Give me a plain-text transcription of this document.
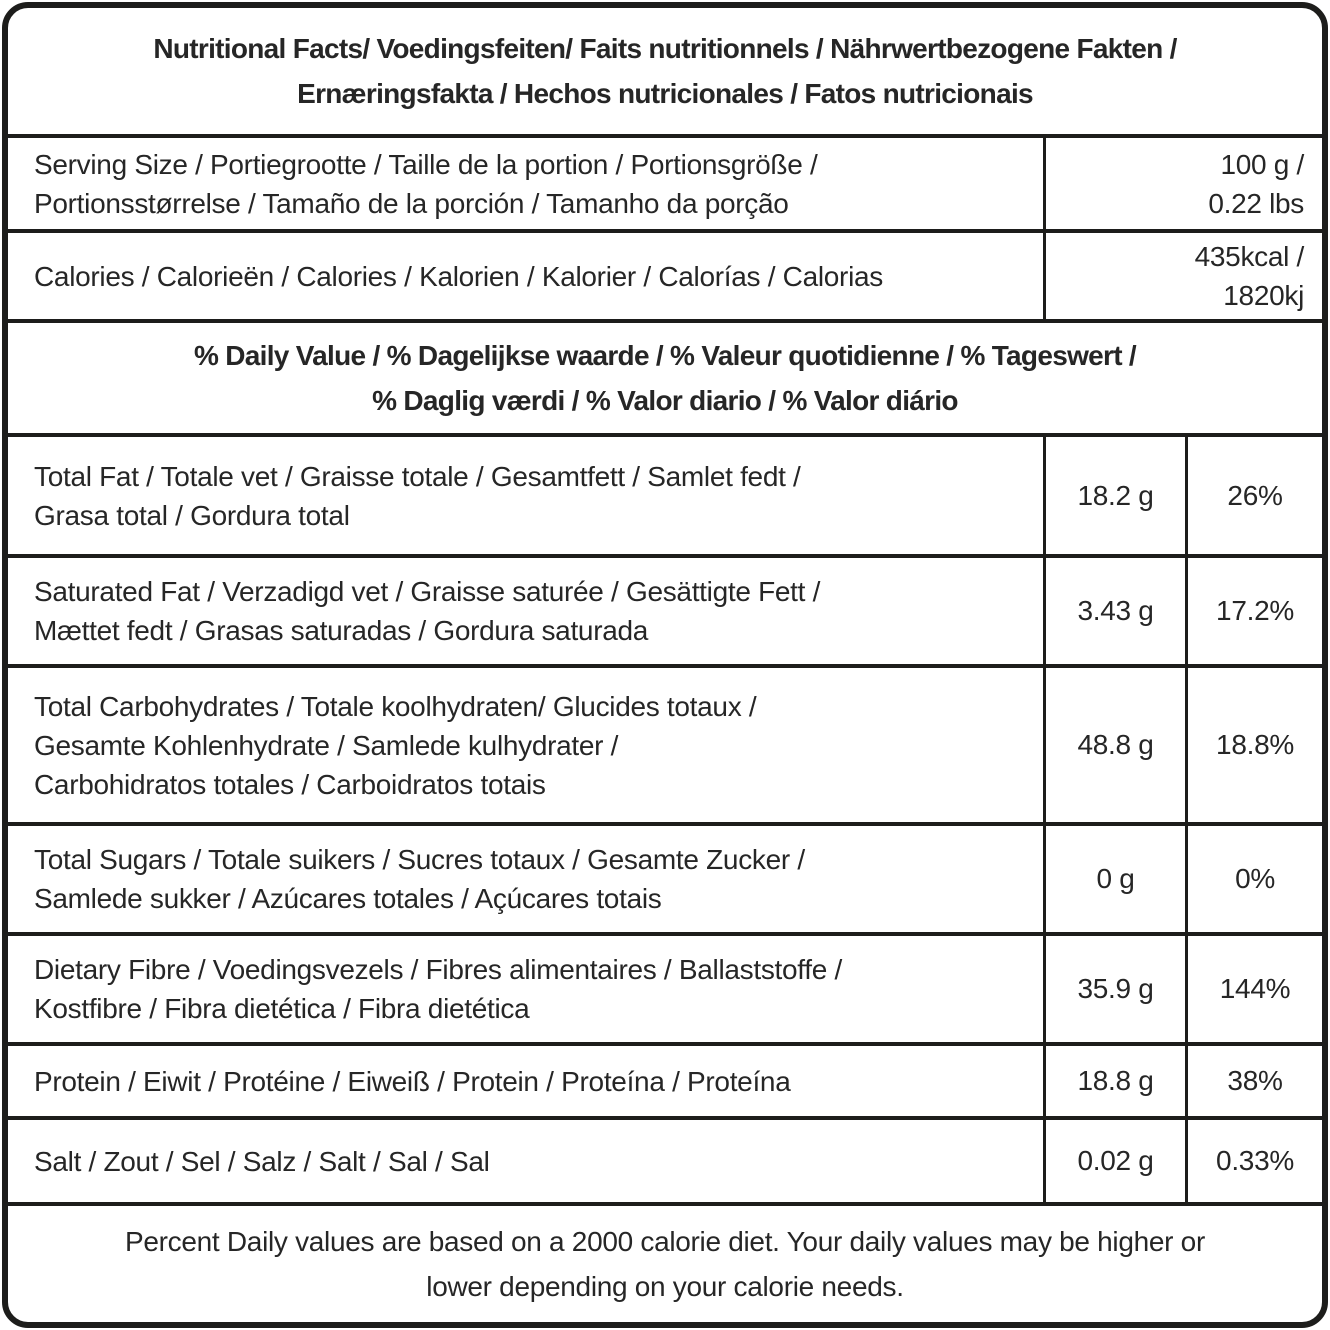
Nutritional Facts/ Voedingsfeiten/ Faits nutritionnels / Nährwertbezogene Fakten /
Ernæringsfakta / Hechos nutricionales / Fatos nutricionais
Serving Size / Portiegrootte / Taille de la portion / Portionsgröße /
Portionsstørrelse / Tamaño de la porción / Tamanho da porção
100 g /
0.22 lbs
Calories / Calorieën / Calories / Kalorien / Kalorier / Calorías / Calorias
435kcal /
1820kj
% Daily Value / % Dagelijkse waarde / % Valeur quotidienne / % Tageswert /
% Daglig værdi / % Valor diario / % Valor diário
Total Fat / Totale vet / Graisse totale / Gesamtfett / Samlet fedt /
Grasa total / Gordura total
18.2 g	26%
Saturated Fat / Verzadigd vet / Graisse saturée / Gesättigte Fett /
Mættet fedt / Grasas saturadas / Gordura saturada
3.43 g	17.2%
Total Carbohydrates / Totale koolhydraten/ Glucides totaux /
Gesamte Kohlenhydrate / Samlede kulhydrater /
Carbohidratos totales / Carboidratos totais
48.8 g	18.8%
Total Sugars / Totale suikers / Sucres totaux / Gesamte Zucker /
Samlede sukker / Azúcares totales / Açúcares totais
0 g	0%
Dietary Fibre / Voedingsvezels / Fibres alimentaires / Ballaststoffe /
Kostfibre / Fibra dietética / Fibra dietética
35.9 g	144%
Protein / Eiwit / Protéine / Eiweiß / Protein / Proteína / Proteína	18.8 g	38%
Salt / Zout / Sel / Salz / Salt / Sal / Sal	0.02 g	0.33%
Percent Daily values are based on a 2000 calorie diet. Your daily values may be higher or
lower depending on your calorie needs.
